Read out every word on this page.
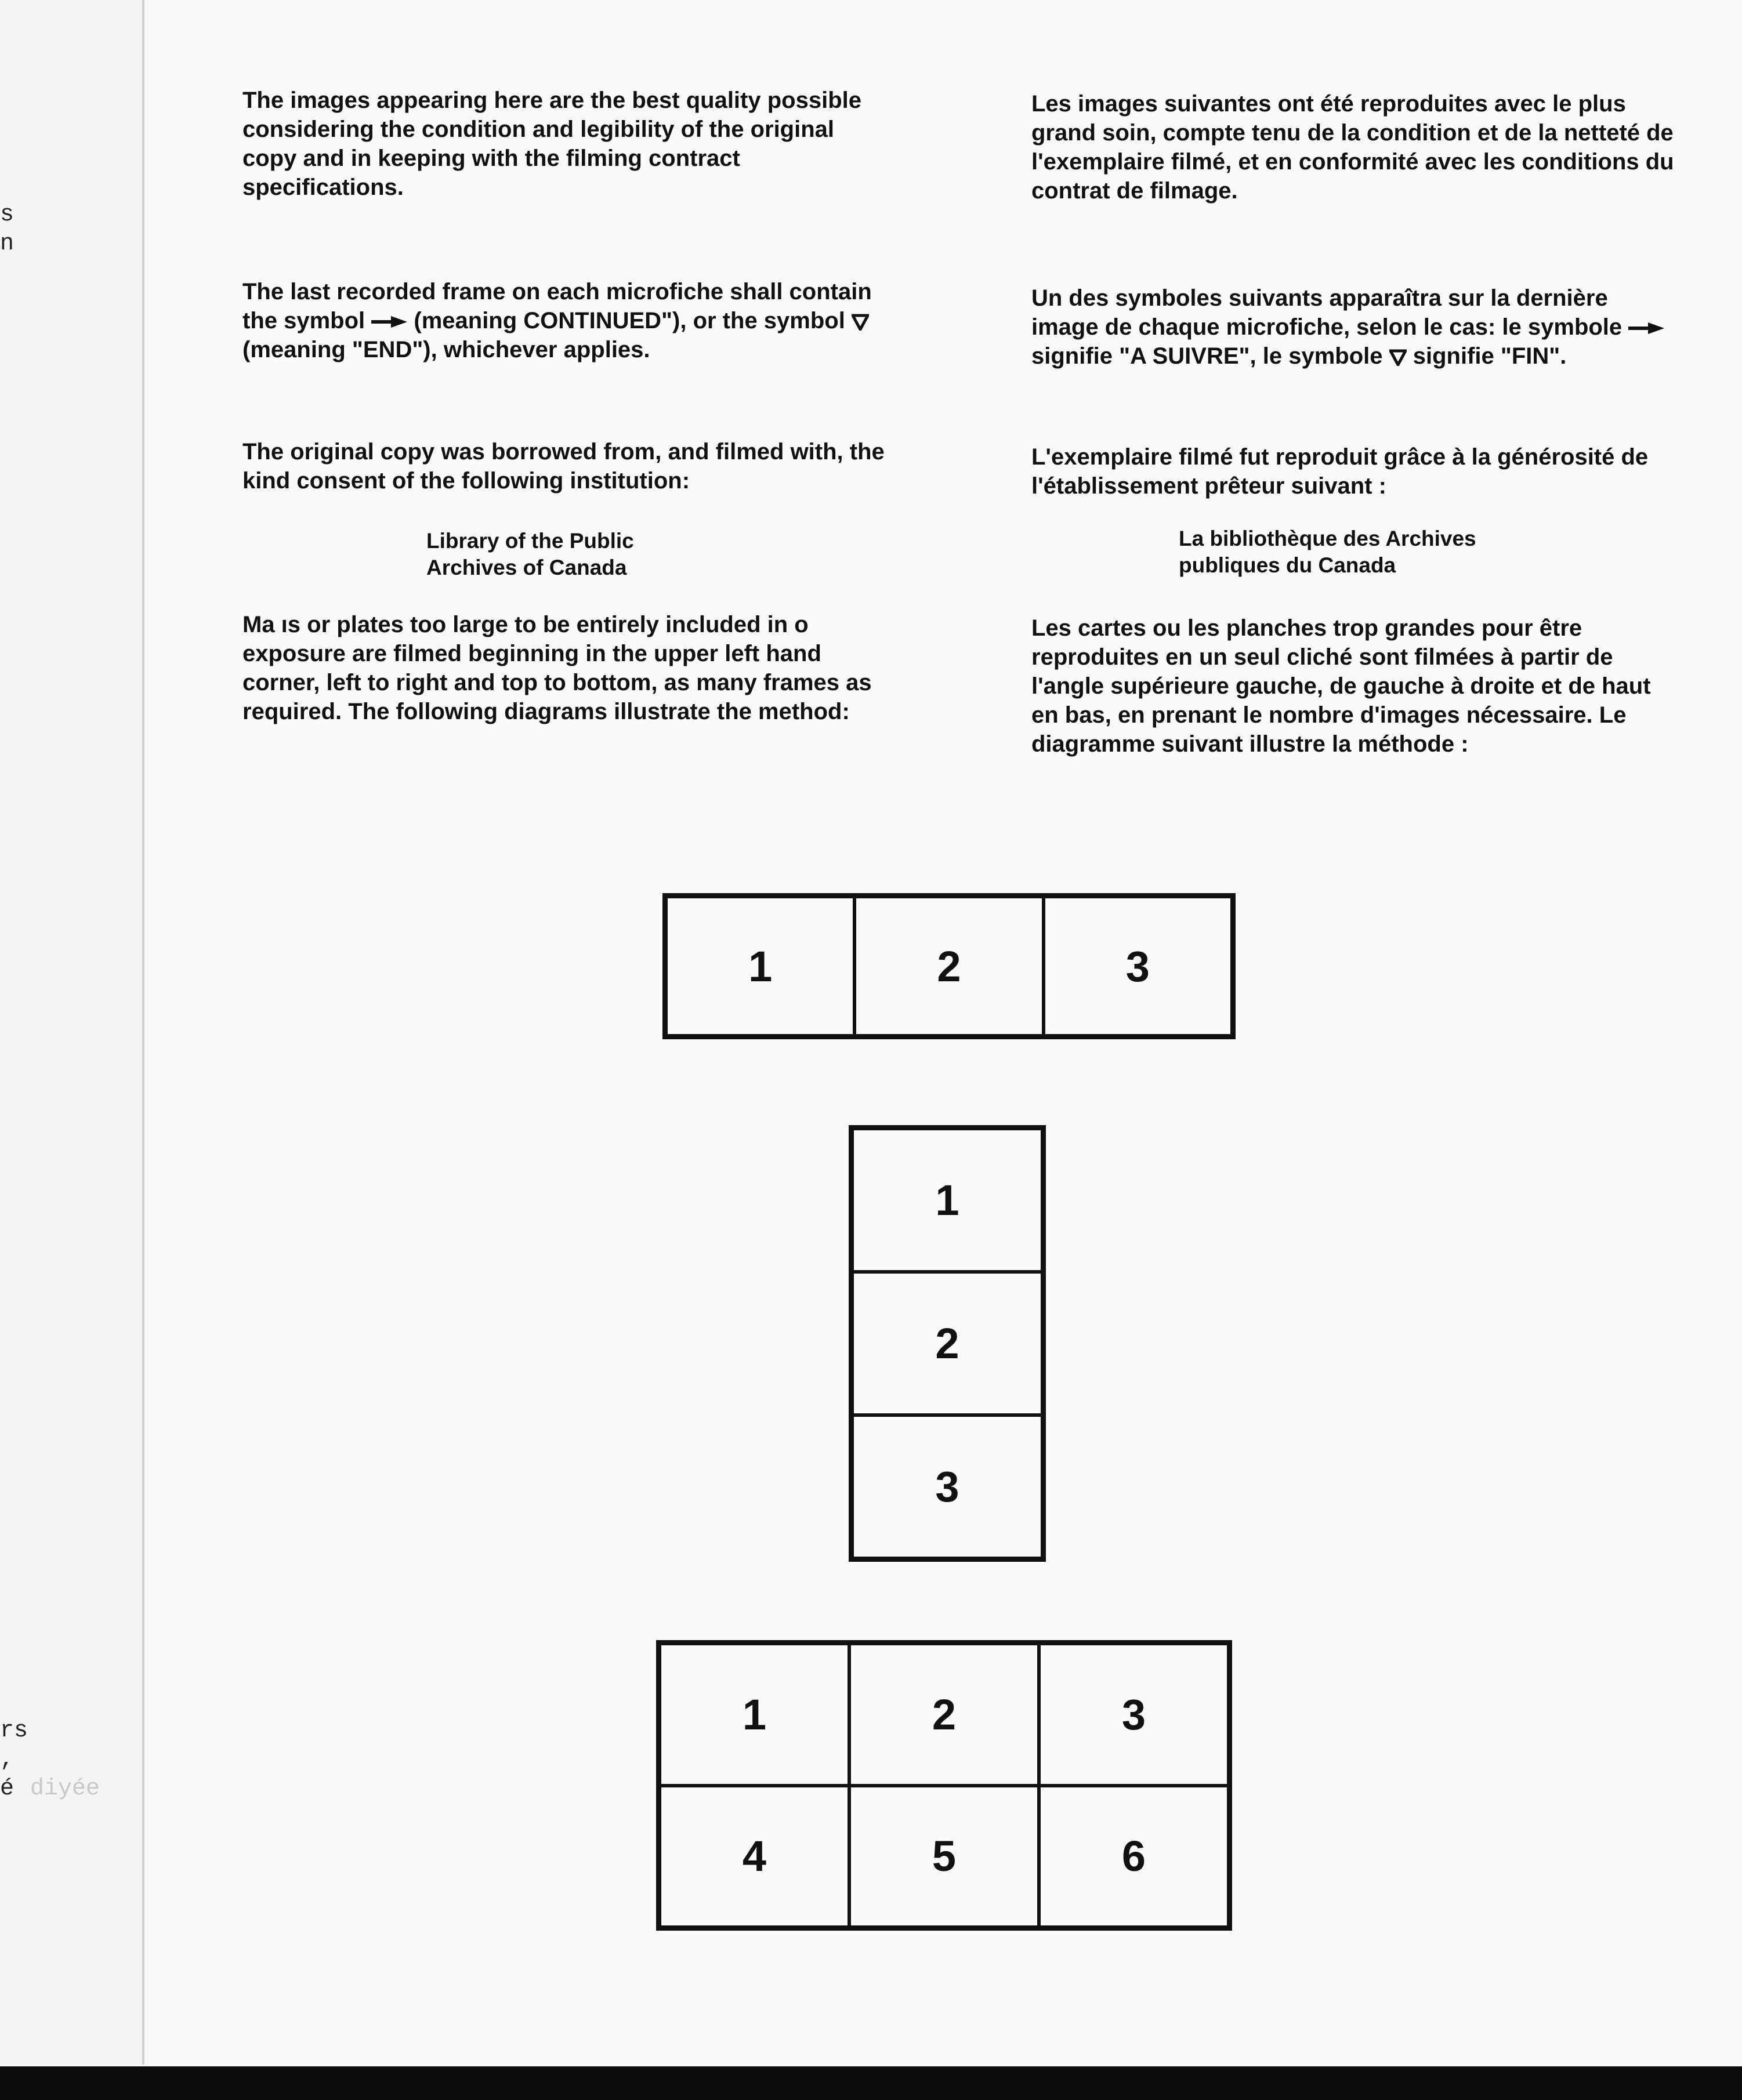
s
n
rs
,
é diyée

The images appearing here are the best quality possible considering the condition and legibility of the original copy and in keeping with the filming contract specifications.

The last recorded frame on each microfiche shall contain the symbol  (meaning CONTINUED"), or the symbol  (meaning "END"), whichever applies.

The original copy was borrowed from, and filmed with, the kind consent of the following institution:

Library of the Public
Archives of Canada

Ma ıs or plates too large to be entirely included in o exposure are filmed beginning in the upper left hand corner, left to right and top to bottom, as many frames as required. The following diagrams illustrate the method:

Les images suivantes ont été reproduites avec le plus grand soin, compte tenu de la condition et de la netteté de l'exemplaire filmé, et en conformité avec les conditions du contrat de filmage.

Un des symboles suivants apparaîtra sur la dernière image de chaque microfiche, selon le cas: le symbole  signifie "A SUIVRE", le symbole  signifie "FIN".

L'exemplaire filmé fut reproduit grâce à la générosité de l'établissement prêteur suivant :

La bibliothèque des Archives
publiques du Canada

Les cartes ou les planches trop grandes pour être reproduites en un seul cliché sont filmées à partir de l'angle supérieure gauche, de gauche à droite et de haut en bas, en prenant le nombre d'images nécessaire. Le diagramme suivant illustre la méthode :

1	2	3
1
2
3
1	2	3
4	5	6
